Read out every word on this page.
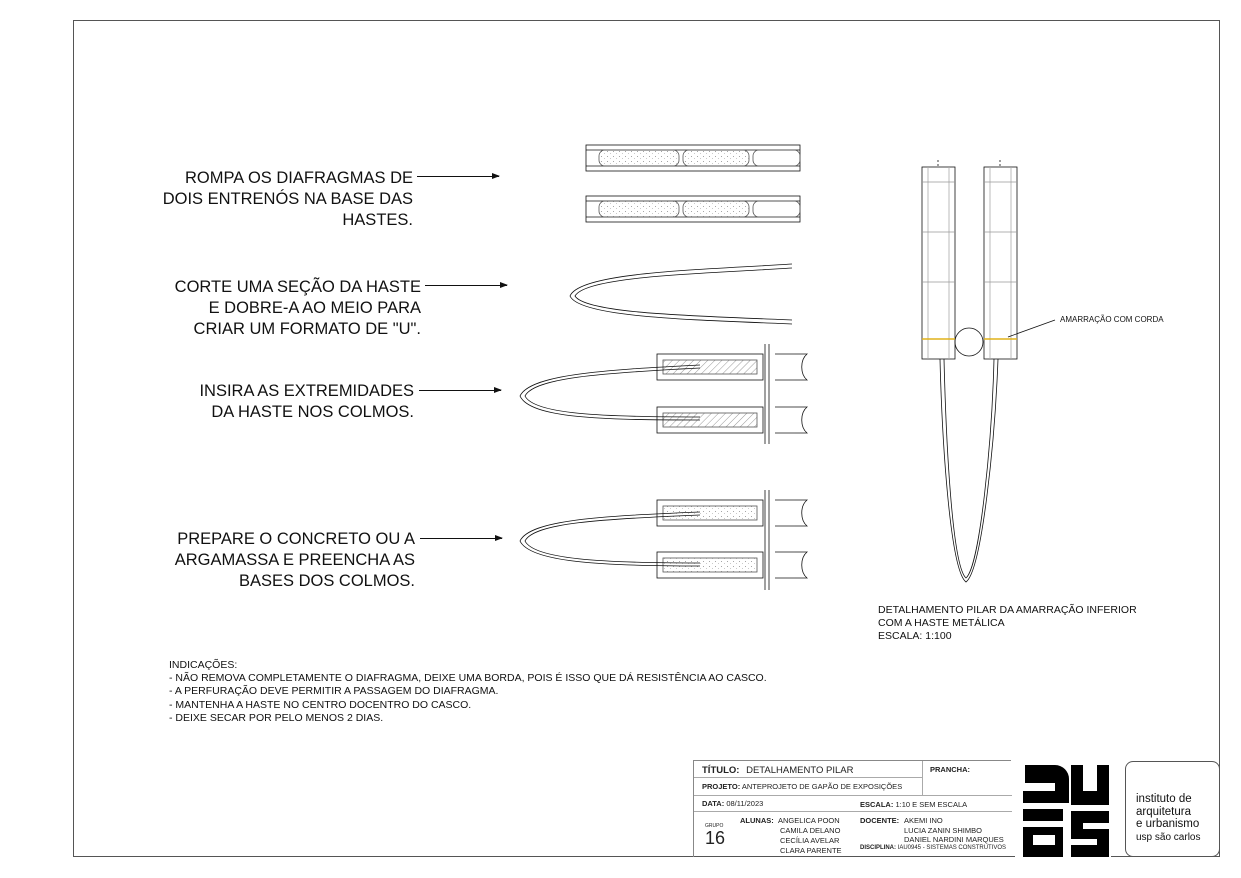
ROMPA OS DIAFRAGMAS DE
DOIS ENTRENÓS NA BASE DAS
HASTES.
CORTE UMA SEÇÃO DA HASTE
E DOBRE-A AO MEIO PARA
CRIAR UM FORMATO DE "U".
INSIRA AS EXTREMIDADES
DA HASTE NOS COLMOS.
PREPARE O CONCRETO OU A
ARGAMASSA E PREENCHA AS
BASES DOS COLMOS.
AMARRAÇÃO COM CORDA
DETALHAMENTO PILAR DA AMARRAÇÃO INFERIOR
COM A HASTE METÁLICA
ESCALA: 1:100
INDICAÇÕES:
- NÃO REMOVA COMPLETAMENTE O DIAFRAGMA, DEIXE UMA BORDA, POIS É ISSO QUE DÁ RESISTÊNCIA AO CASCO.
- A PERFURAÇÃO DEVE PERMITIR A PASSAGEM DO DIAFRAGMA.
- MANTENHA A HASTE NO CENTRO DOCENTRO DO CASCO.
- DEIXE SECAR POR PELO MENOS 2 DIAS.
TÍTULO: DETALHAMENTO PILAR	PRANCHA:
PROJETO: ANTEPROJETO DE GAPÃO DE EXPOSIÇÕES
DATA: 08/11/2023	ESCALA: 1:10 E SEM ESCALA
GRUPO
16
ALUNAS: ANGELICA POON
CAMILA DELANO
CECÍLIA AVELAR
CLARA PARENTE
DOCENTE: AKEMI INO
LUCIA ZANIN SHIMBO
DANIEL NARDINI MARQUES
DISCIPLINA: IAU0945 - SISTEMAS CONSTRUTIVOS
instituto de
arquitetura
e urbanismo
usp são carlos
